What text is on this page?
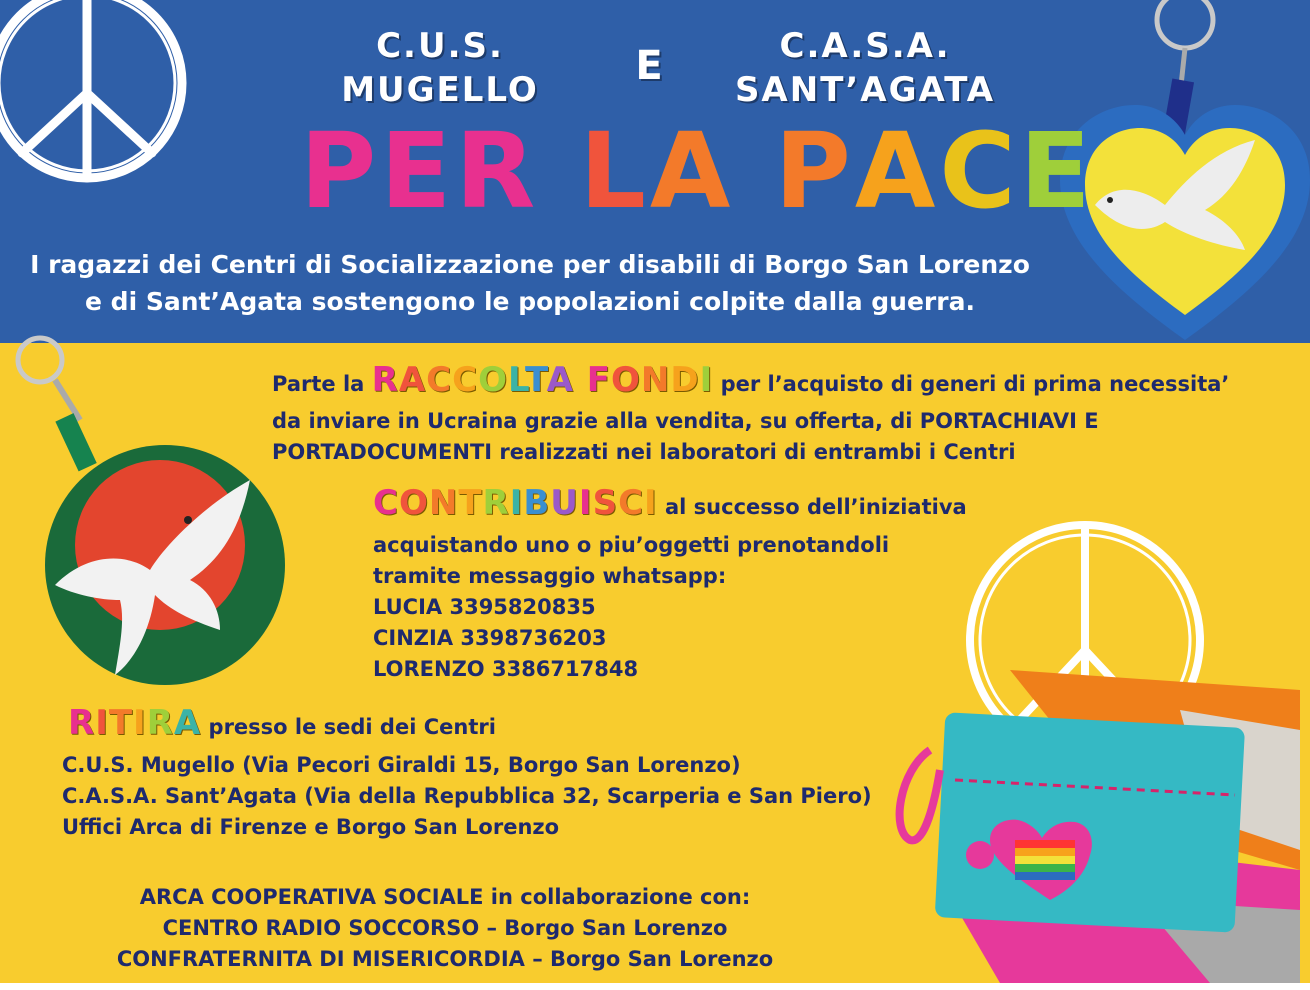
C.U.S.
MUGELLO
E	C.A.S.A.
SANT’AGATA
PER LA PACE
I ragazzi dei Centri di Socializzazione per disabili di Borgo San Lorenzo
e di Sant’Agata sostengono le popolazioni colpite dalla guerra.
Parte la RACCOLTA FONDI per l’acquisto di generi di prima necessita’
da inviare in Ucraina grazie alla vendita, su offerta, di PORTACHIAVI E
PORTADOCUMENTI realizzati nei laboratori di entrambi i Centri
CONTRIBUISCI al successo dell’iniziativa
acquistando uno o piu’oggetti prenotandoli
tramite messaggio whatsapp:
LUCIA 3395820835
CINZIA 3398736203
LORENZO 3386717848
RITIRA presso le sedi dei Centri
C.U.S. Mugello (Via Pecori Giraldi 15, Borgo San Lorenzo)
C.A.S.A. Sant’Agata (Via della Repubblica 32, Scarperia e San Piero)
Uffici Arca di Firenze e Borgo San Lorenzo
ARCA COOPERATIVA SOCIALE in collaborazione con:
CENTRO RADIO SOCCORSO – Borgo San Lorenzo
CONFRATERNITA DI MISERICORDIA – Borgo San Lorenzo
